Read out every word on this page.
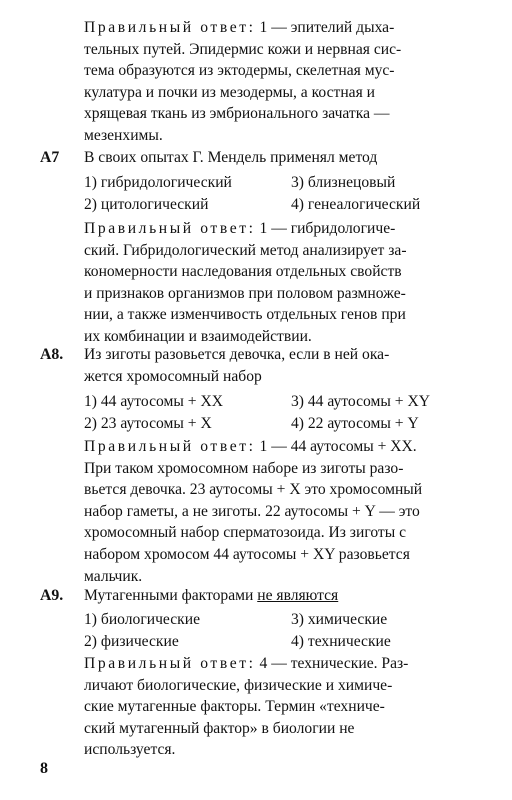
Правильный ответ: 1 — эпителий дыха-
тельных путей. Эпидермис кожи и нервная сис-
тема образуются из эктодермы, скелетная мус-
кулатура и почки из мезодермы, а костная и
хрящевая ткань из эмбрионального зачатка —
мезенхимы.
А7 В своих опытах Г. Мендель применял метод
1) гибридологический	3) близнецовый
2) цитологический	4) генеалогический
Правильный ответ: 1 — гибридологиче-
ский. Гибридологический метод анализирует за-
кономерности наследования отдельных свойств
и признаков организмов при половом размноже-
нии, а также изменчивость отдельных генов при
их комбинации и взаимодействии.
А8. Из зиготы разовьется девочка, если в ней ока-
жется хромосомный набор
1) 44 аутосомы + XX	3) 44 аутосомы + XY
2) 23 аутосомы + X	4) 22 аутосомы + Y
Правильный ответ: 1 — 44 аутосомы + XX.
При таком хромосомном наборе из зиготы разо-
вьется девочка. 23 аутосомы + X это хромосомный
набор гаметы, а не зиготы. 22 аутосомы + Y — это
хромосомный набор сперматозоида. Из зиготы с
набором хромосом 44 аутосомы + XY разовьется
мальчик.
А9. Мутагенными факторами не являются
1) биологические	3) химические
2) физические	4) технические
Правильный ответ: 4 — технические. Раз-
личают биологические, физические и химиче-
ские мутагенные факторы. Термин «техниче-
ский мутагенный фактор» в биологии не
используется.
8
